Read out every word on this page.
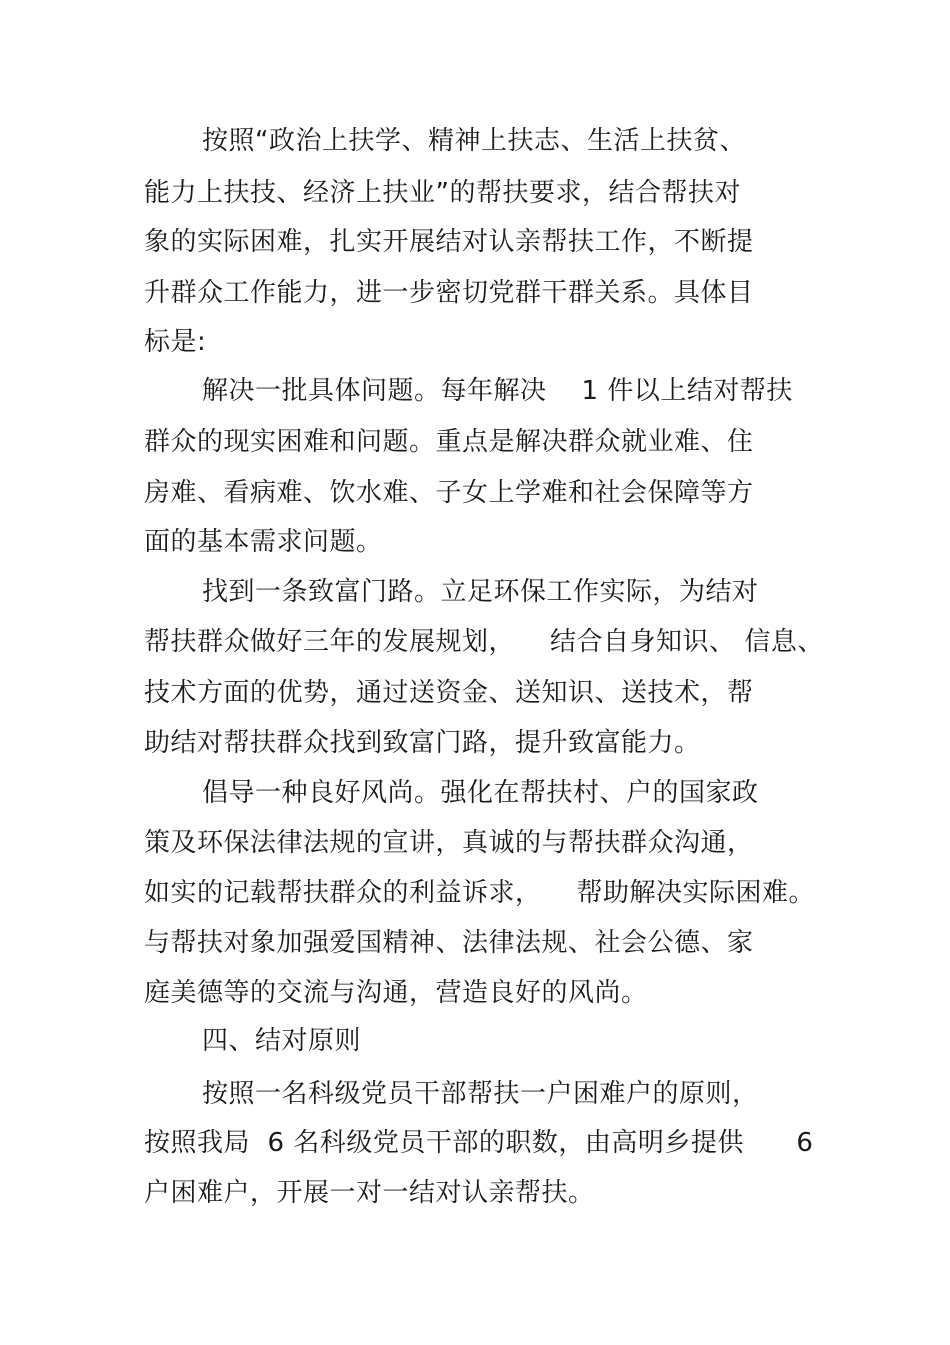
按照“政治上扶学、精神上扶志、生活上扶贫、
能力上扶技、经济上扶业”的帮扶要求，结合帮扶对
象的实际困难，扎实开展结对认亲帮扶工作，不断提
升群众工作能力，进一步密切党群干群关系。具体目
标是:
解决一批具体问题。每年解决    1 件以上结对帮扶
群众的现实困难和问题。重点是解决群众就业难、住
房难、看病难、饮水难、子女上学难和社会保障等方
面的基本需求问题。
找到一条致富门路。立足环保工作实际，为结对
帮扶群众做好三年的发展规划，    结合自身知识、 信息、
技术方面的优势，通过送资金、送知识、送技术，帮
助结对帮扶群众找到致富门路，提升致富能力。
倡导一种良好风尚。强化在帮扶村、户的国家政
策及环保法律法规的宣讲，真诚的与帮扶群众沟通，
如实的记载帮扶群众的利益诉求，    帮助解决实际困难。
与帮扶对象加强爱国精神、法律法规、社会公德、家
庭美德等的交流与沟通，营造良好的风尚。
四、结对原则
按照一名科级党员干部帮扶一户困难户的原则，
按照我局  6 名科级党员干部的职数，由高明乡提供      6
户困难户，开展一对一结对认亲帮扶。
